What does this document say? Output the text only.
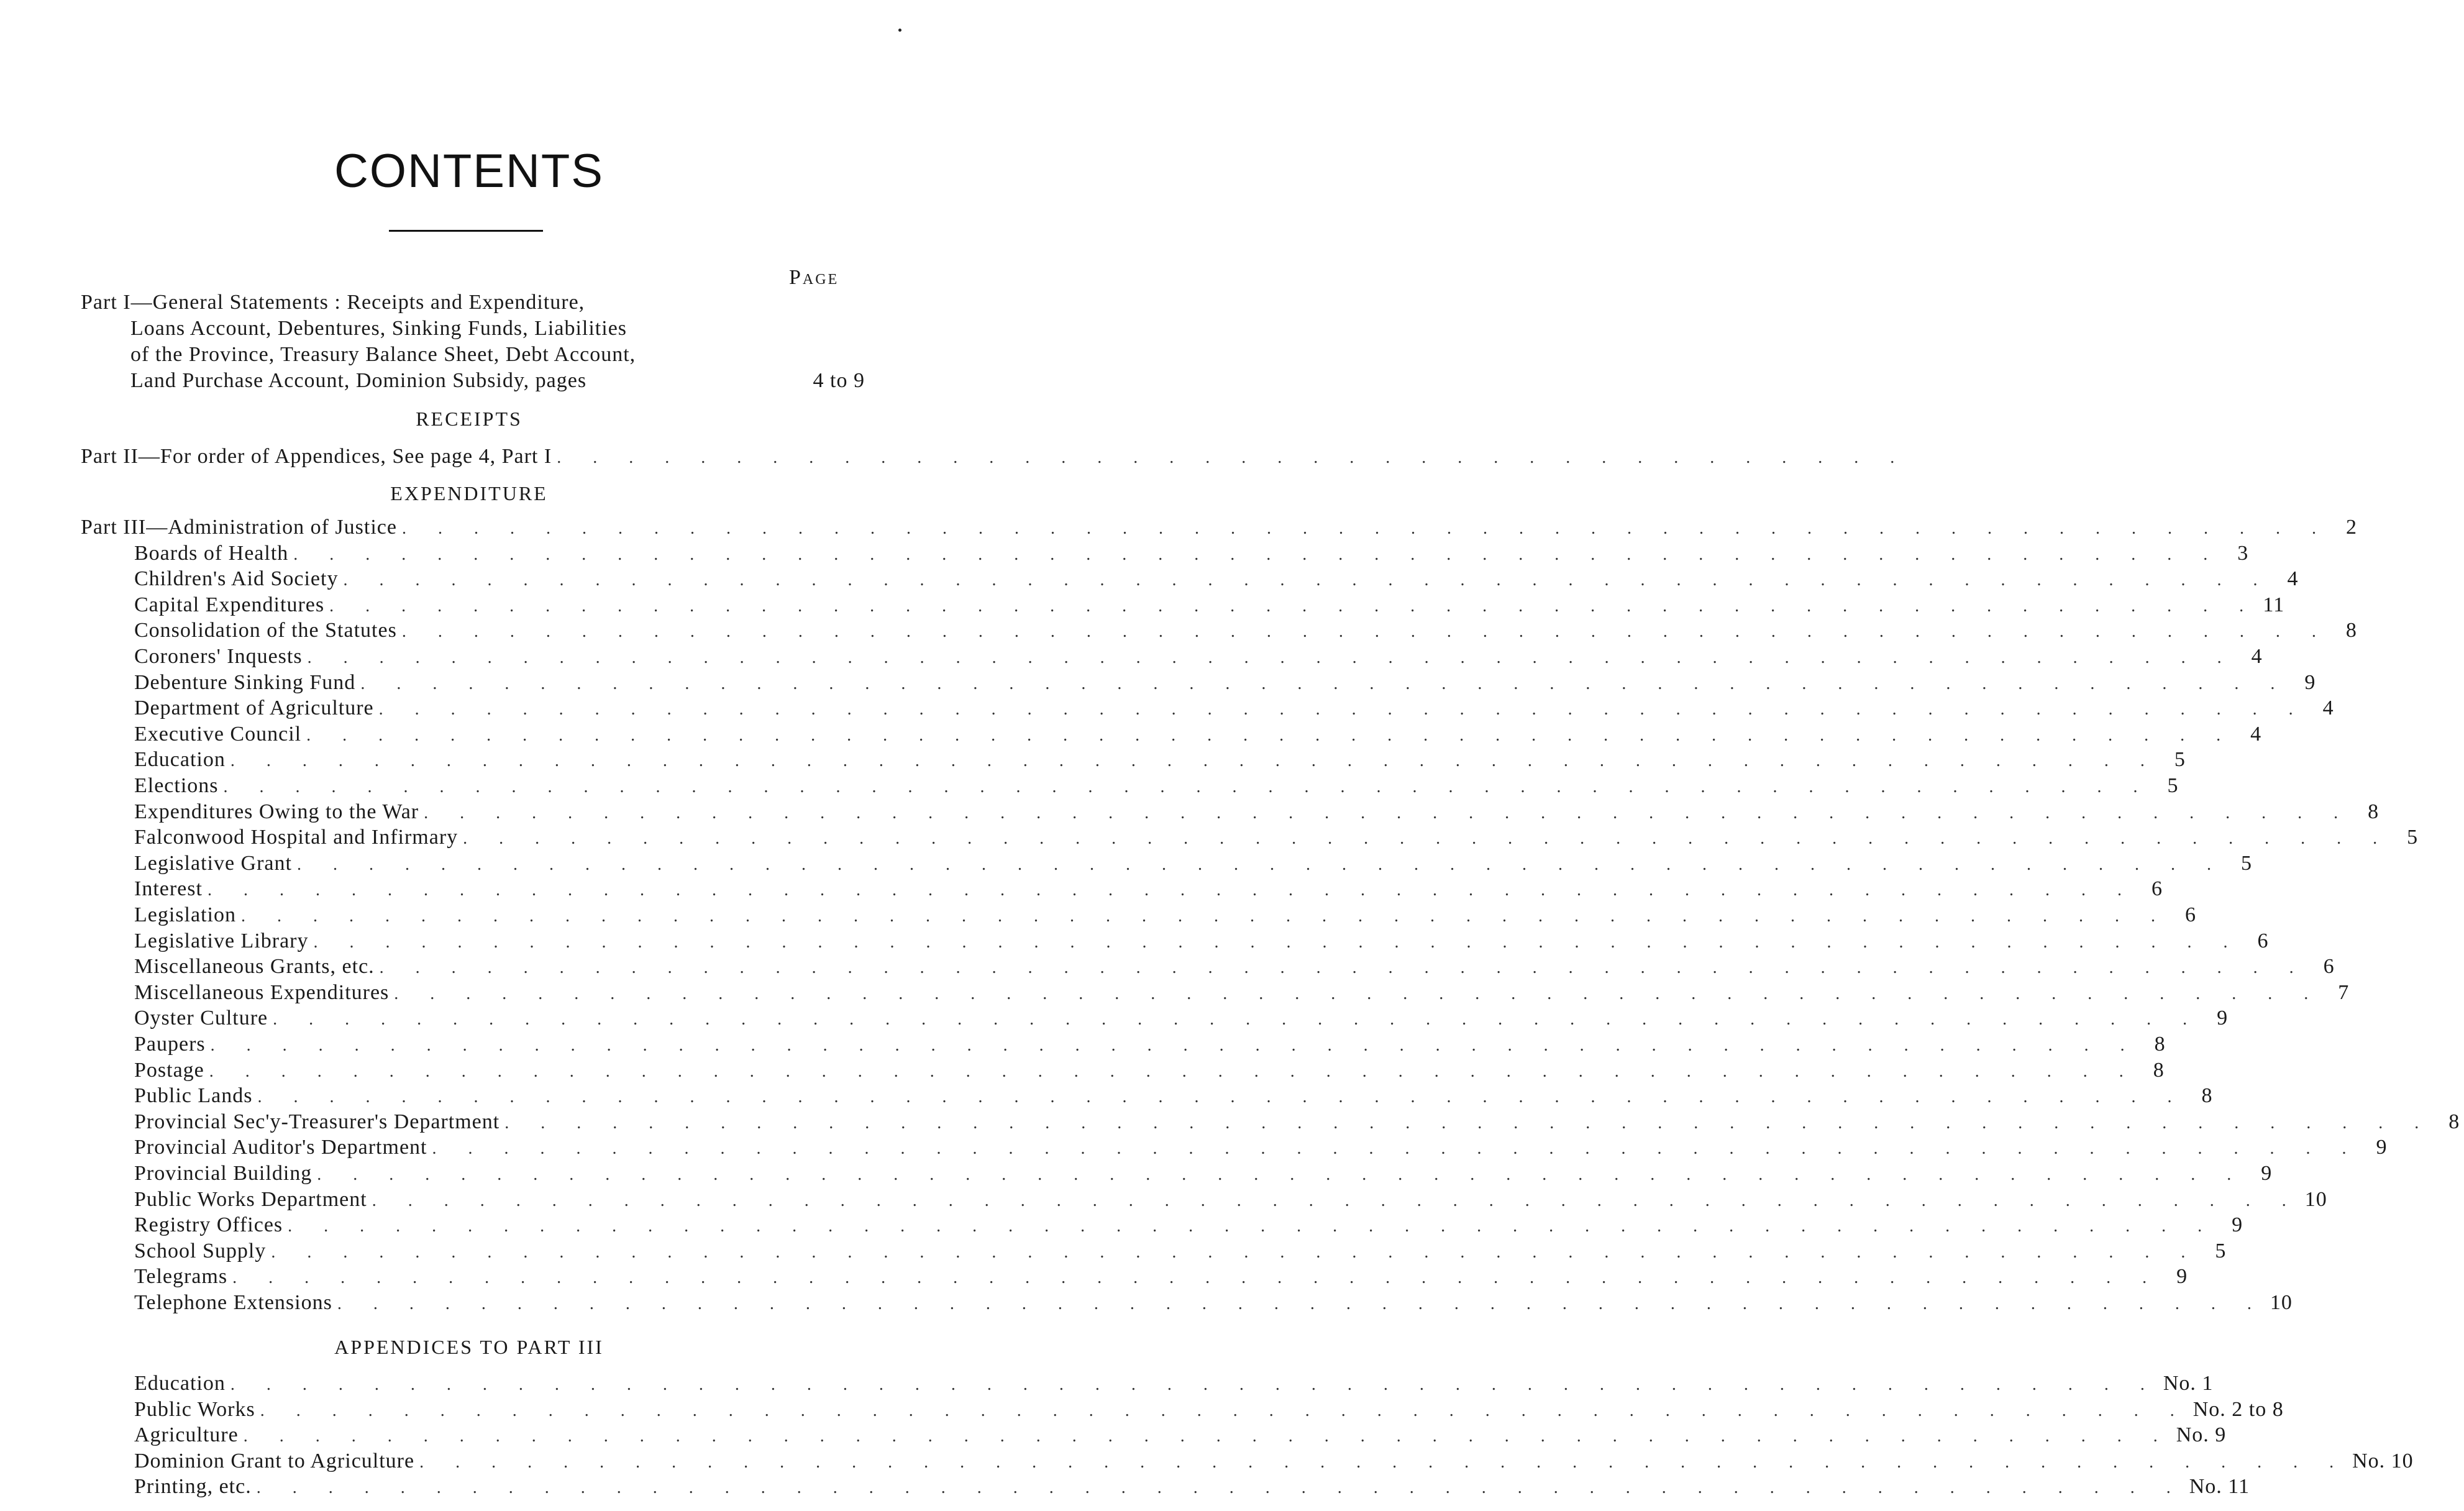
CONTENTS
Page
Part I—General Statements : Receipts and Expenditure,
Loans Account, Debentures, Sinking Funds, Liabilities
of the Province, Treasury Balance Sheet, Debt Account,
Land Purchase Account, Dominion Subsidy, pages	4 to 9
RECEIPTS
Part II—For order of Appendices, See page 4, Part I . . . . . . . . . . . . . . . . . . . . . . . . . . . . . . . . . . . . . .
EXPENDITURE
Part III—Administration of Justice . . . . . . . . . . . . . . . . . . . . . . . . . . . . . . . . . . . . . . . . . . . . . . . . . . . . . . 2
Boards of Health . . . . . . . . . . . . . . . . . . . . . . . . . . . . . . . . . . . . . . . . . . . . . . . . . . . . . . 3
Children's Aid Society . . . . . . . . . . . . . . . . . . . . . . . . . . . . . . . . . . . . . . . . . . . . . . . . . . . . . . 4
Capital Expenditures . . . . . . . . . . . . . . . . . . . . . . . . . . . . . . . . . . . . . . . . . . . . . . . . . . . . . . 11
Consolidation of the Statutes . . . . . . . . . . . . . . . . . . . . . . . . . . . . . . . . . . . . . . . . . . . . . . . . . . . . . . 8
Coroners' Inquests . . . . . . . . . . . . . . . . . . . . . . . . . . . . . . . . . . . . . . . . . . . . . . . . . . . . . . 4
Debenture Sinking Fund . . . . . . . . . . . . . . . . . . . . . . . . . . . . . . . . . . . . . . . . . . . . . . . . . . . . . . 9
Department of Agriculture . . . . . . . . . . . . . . . . . . . . . . . . . . . . . . . . . . . . . . . . . . . . . . . . . . . . . . 4
Executive Council . . . . . . . . . . . . . . . . . . . . . . . . . . . . . . . . . . . . . . . . . . . . . . . . . . . . . . 4
Education . . . . . . . . . . . . . . . . . . . . . . . . . . . . . . . . . . . . . . . . . . . . . . . . . . . . . . 5
Elections . . . . . . . . . . . . . . . . . . . . . . . . . . . . . . . . . . . . . . . . . . . . . . . . . . . . . . 5
Expenditures Owing to the War . . . . . . . . . . . . . . . . . . . . . . . . . . . . . . . . . . . . . . . . . . . . . . . . . . . . . . 8
Falconwood Hospital and Infirmary . . . . . . . . . . . . . . . . . . . . . . . . . . . . . . . . . . . . . . . . . . . . . . . . . . . . . . 5
Legislative Grant . . . . . . . . . . . . . . . . . . . . . . . . . . . . . . . . . . . . . . . . . . . . . . . . . . . . . . 5
Interest . . . . . . . . . . . . . . . . . . . . . . . . . . . . . . . . . . . . . . . . . . . . . . . . . . . . . . 6
Legislation . . . . . . . . . . . . . . . . . . . . . . . . . . . . . . . . . . . . . . . . . . . . . . . . . . . . . . 6
Legislative Library . . . . . . . . . . . . . . . . . . . . . . . . . . . . . . . . . . . . . . . . . . . . . . . . . . . . . . 6
Miscellaneous Grants, etc. . . . . . . . . . . . . . . . . . . . . . . . . . . . . . . . . . . . . . . . . . . . . . . . . . . . . . . 6
Miscellaneous Expenditures . . . . . . . . . . . . . . . . . . . . . . . . . . . . . . . . . . . . . . . . . . . . . . . . . . . . . . 7
Oyster Culture . . . . . . . . . . . . . . . . . . . . . . . . . . . . . . . . . . . . . . . . . . . . . . . . . . . . . . 9
Paupers . . . . . . . . . . . . . . . . . . . . . . . . . . . . . . . . . . . . . . . . . . . . . . . . . . . . . . 8
Postage . . . . . . . . . . . . . . . . . . . . . . . . . . . . . . . . . . . . . . . . . . . . . . . . . . . . . . 8
Public Lands . . . . . . . . . . . . . . . . . . . . . . . . . . . . . . . . . . . . . . . . . . . . . . . . . . . . . . 8
Provincial Sec'y-Treasurer's Department . . . . . . . . . . . . . . . . . . . . . . . . . . . . . . . . . . . . . . . . . . . . . . . . . . . . . . 8
Provincial Auditor's Department . . . . . . . . . . . . . . . . . . . . . . . . . . . . . . . . . . . . . . . . . . . . . . . . . . . . . . 9
Provincial Building . . . . . . . . . . . . . . . . . . . . . . . . . . . . . . . . . . . . . . . . . . . . . . . . . . . . . . 9
Public Works Department . . . . . . . . . . . . . . . . . . . . . . . . . . . . . . . . . . . . . . . . . . . . . . . . . . . . . . 10
Registry Offices . . . . . . . . . . . . . . . . . . . . . . . . . . . . . . . . . . . . . . . . . . . . . . . . . . . . . . 9
School Supply . . . . . . . . . . . . . . . . . . . . . . . . . . . . . . . . . . . . . . . . . . . . . . . . . . . . . . 5
Telegrams . . . . . . . . . . . . . . . . . . . . . . . . . . . . . . . . . . . . . . . . . . . . . . . . . . . . . . 9
Telephone Extensions . . . . . . . . . . . . . . . . . . . . . . . . . . . . . . . . . . . . . . . . . . . . . . . . . . . . . . 10
APPENDICES TO PART III
Education . . . . . . . . . . . . . . . . . . . . . . . . . . . . . . . . . . . . . . . . . . . . . . . . . . . . . . No. 1
Public Works . . . . . . . . . . . . . . . . . . . . . . . . . . . . . . . . . . . . . . . . . . . . . . . . . . . . . . No. 2 to 8
Agriculture . . . . . . . . . . . . . . . . . . . . . . . . . . . . . . . . . . . . . . . . . . . . . . . . . . . . . . No. 9
Dominion Grant to Agriculture . . . . . . . . . . . . . . . . . . . . . . . . . . . . . . . . . . . . . . . . . . . . . . . . . . . . . . No. 10
Printing, etc. . . . . . . . . . . . . . . . . . . . . . . . . . . . . . . . . . . . . . . . . . . . . . . . . . . . . . . No. 11
